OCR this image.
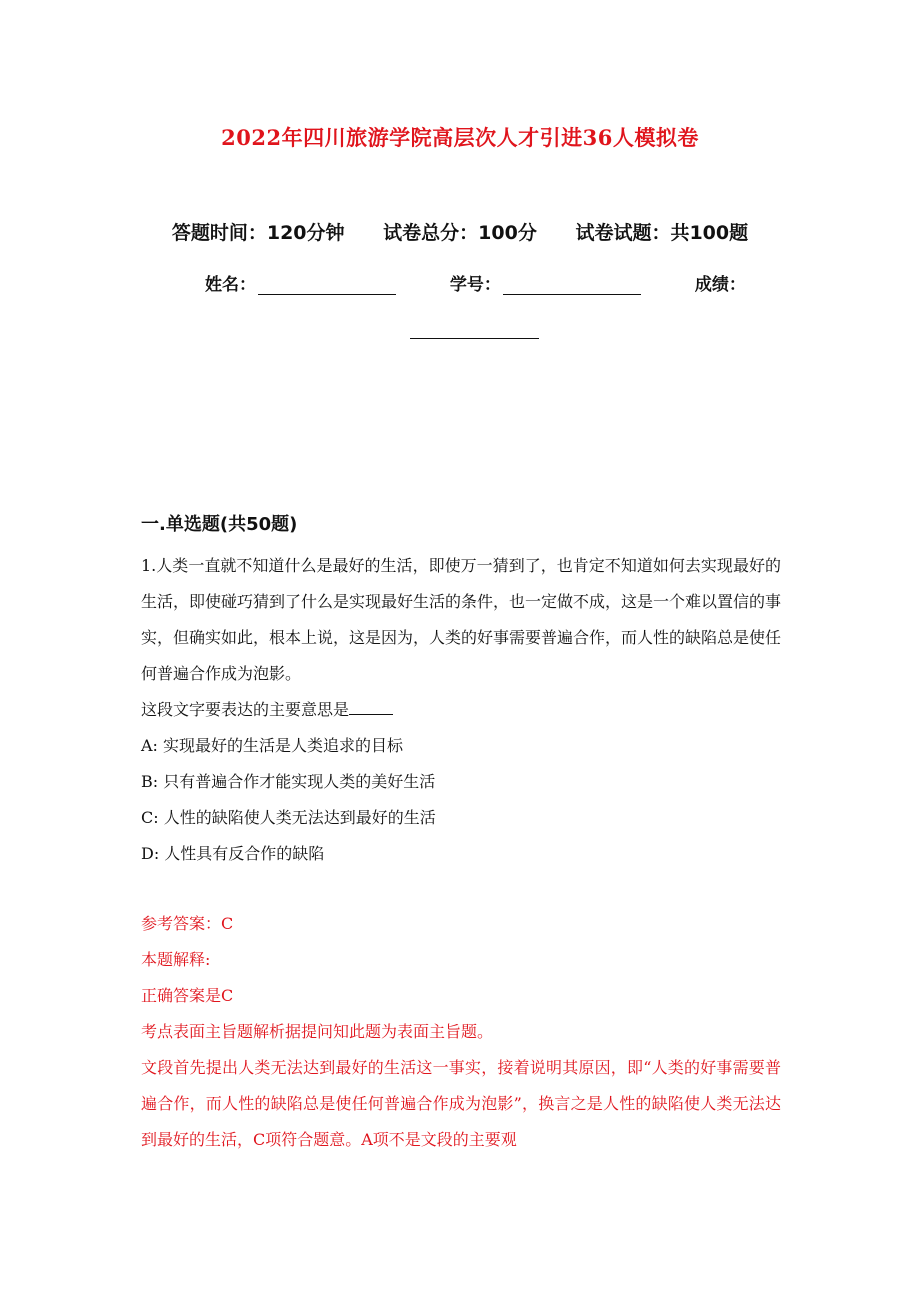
2022年四川旅游学院高层次人才引进36人模拟卷
答题时间：120分钟 试卷总分：100分 试卷试题：共100题
姓名：	学号：	成绩：
一.单选题(共50题)

1.人类一直就不知道什么是最好的生活，即使万一猜到了，也肯定不知道如何去实现最好的生活，即使碰巧猜到了什么是实现最好生活的条件，也一定做不成，这是一个难以置信的事实，但确实如此，根本上说，这是因为，人类的好事需要普遍合作，而人性的缺陷总是使任何普遍合作成为泡影。

这段文字要表达的主要意思是

A: 实现最好的生活是人类追求的目标

B: 只有普遍合作才能实现人类的美好生活

C: 人性的缺陷使人类无法达到最好的生活

D: 人性具有反合作的缺陷

参考答案：C

本题解释:

正确答案是C

考点表面主旨题解析据提问知此题为表面主旨题。

文段首先提出人类无法达到最好的生活这一事实，接着说明其原因，即“人类的好事需要普遍合作，而人性的缺陷总是使任何普遍合作成为泡影”，换言之是人性的缺陷使人类无法达到最好的生活，C项符合题意。A项不是文段的主要观
